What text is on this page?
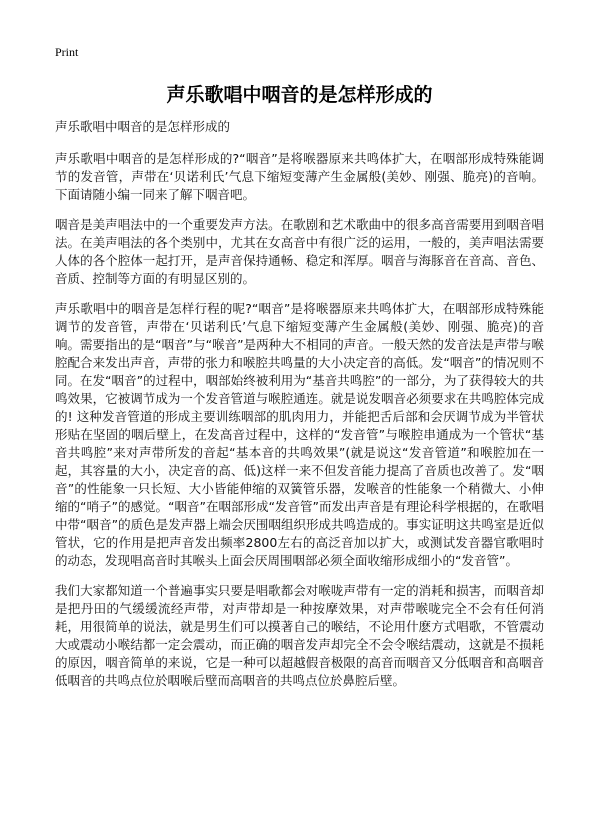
Print
声乐歌唱中咽音的是怎样形成的
声乐歌唱中咽音的是怎样形成的

声乐歌唱中咽音的是怎样形成的?“咽音”是将喉器原来共鸣体扩大，在咽部形成特殊能调节的发音管，声带在‘贝诺利氏’气息下缩短变薄产生金属般(美妙、刚强、脆亮)的音响。下面请随小编一同来了解下咽音吧。

咽音是美声唱法中的一个重要发声方法。在歌剧和艺术歌曲中的很多高音需要用到咽音唱法。在美声唱法的各个类别中，尤其在女高音中有很广泛的运用，一般的，美声唱法需要人体的各个腔体一起打开，是声音保持通畅、稳定和浑厚。咽音与海豚音在音高、音色、音质、控制等方面的有明显区别的。

声乐歌唱中的咽音是怎样行程的呢?“咽音”是将喉器原来共鸣体扩大，在咽部形成特殊能调节的发音管，声带在‘贝诺利氏’气息下缩短变薄产生金属般(美妙、刚强、脆亮)的音响。需要指出的是“咽音”与“喉音”是两种大不相同的声音。一般天然的发音法是声带与喉腔配合来发出声音，声带的张力和喉腔共鸣量的大小决定音的高低。发“咽音”的情况则不同。在发“咽音”的过程中，咽部始终被利用为“基音共鸣腔”的一部分，为了获得较大的共鸣效果，它被调节成为一个发音管道与喉腔通连。就是说发咽音必须要求在共鸣腔体完成的! 这种发音管道的形成主要训练咽部的肌肉用力，并能把舌后部和会厌调节成为半管状形贴在坚固的咽后壁上，在发高音过程中，这样的“发音管”与喉腔串通成为一个管状“基音共鸣腔”来对声带所发的音起“基本音的共鸣效果”(就是说这“发音管道”和喉腔加在一起，其容量的大小，决定音的高、低)这样一来不但发音能力提高了音质也改善了。发“咽音”的性能象一只长短、大小皆能伸缩的双簧管乐器，发喉音的性能象一个稍微大、小伸缩的“哨子”的感觉。“咽音”在咽部形成“发音管”而发出声音是有理论科学根据的，在歌唱中带“咽音”的质色是发声器上端会厌围咽组织形成共鸣造成的。事实证明这共鸣室是近似管状，它的作用是把声音发出频率2800左右的高泛音加以扩大，或测试发音器官歌唱时的动态，发现唱高音时其喉头上面会厌周围咽部必须全面收缩形成细小的“发音管”。

我们大家都知道一个普遍事实只要是唱歌都会对喉咙声带有一定的消耗和损害，而咽音却是把丹田的气缓缓流经声带，对声带却是一种按摩效果，对声带喉咙完全不会有任何消耗，用很简单的说法，就是男生们可以摸著自己的喉结，不论用什麽方式唱歌，不管震动大或震动小喉结都一定会震动，而正确的咽音发声却完全不会令喉结震动，这就是不损耗的原因，咽音简单的来说，它是一种可以超越假音极限的高音而咽音又分低咽音和高咽音低咽音的共鸣点位於咽喉后壁而高咽音的共鸣点位於鼻腔后壁。
